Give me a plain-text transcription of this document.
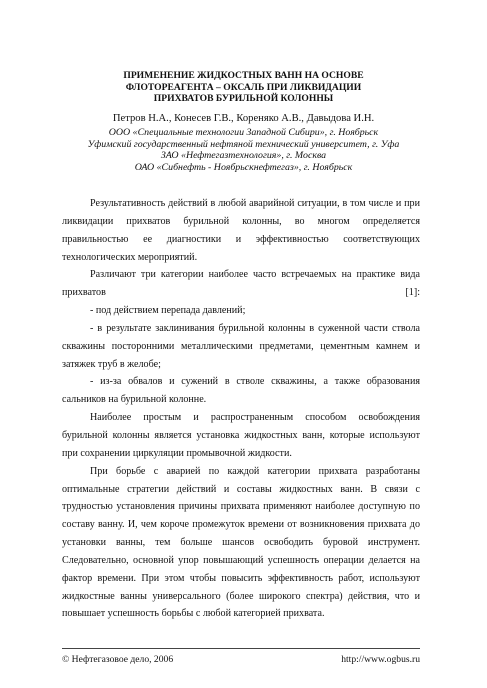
ПРИМЕНЕНИЕ ЖИДКОСТНЫХ ВАНН НА ОСНОВЕ
ФЛОТОРЕАГЕНТА – ОКСАЛЬ ПРИ ЛИКВИДАЦИИ
ПРИХВАТОВ БУРИЛЬНОЙ КОЛОННЫ
Петров Н.А., Конесев Г.В., Кореняко А.В., Давыдова И.Н.
ООО «Специальные технологии Западной Сибири», г. Ноябрьск
Уфимский государственный нефтяной технический университет, г. Уфа
ЗАО «Нефтегазтехнология», г. Москва
ОАО «Сибнефть - Ноябрьскнефтегаз», г. Ноябрьск

Результативность действий в любой аварийной ситуации, в том числе и при ликвидации прихватов бурильной колонны, во многом определяется правильностью ее диагностики и эффективностью соответствующих технологических мероприятий.

Различают три категории наиболее часто встречаемых на практике вида прихватов [1]:

- под действием перепада давлений;

- в результате заклинивания бурильной колонны в суженной части ствола скважины посторонними металлическими предметами, цементным камнем и затяжек труб в желобе;

- из-за обвалов и сужений в стволе скважины, а также образования сальников на бурильной колонне.

Наиболее простым и распространенным способом освобождения бурильной колонны является установка жидкостных ванн, которые используют при сохранении циркуляции промывочной жидкости.

При борьбе с аварией по каждой категории прихвата разработаны оптимальные стратегии действий и составы жидкостных ванн. В связи с трудностью установления причины прихвата применяют наиболее доступную по составу ванну. И, чем короче промежуток времени от возникновения прихвата до установки ванны, тем больше шансов освободить буровой инструмент. Следовательно, основной упор повышающий успешность операции делается на фактор времени. При этом чтобы повысить эффективность работ, используют жидкостные ванны универсального (более широкого спектра) действия, что и повышает успешность борьбы с любой категорией прихвата.

© Нефтегазовое дело, 2006	http://www.ogbus.ru
